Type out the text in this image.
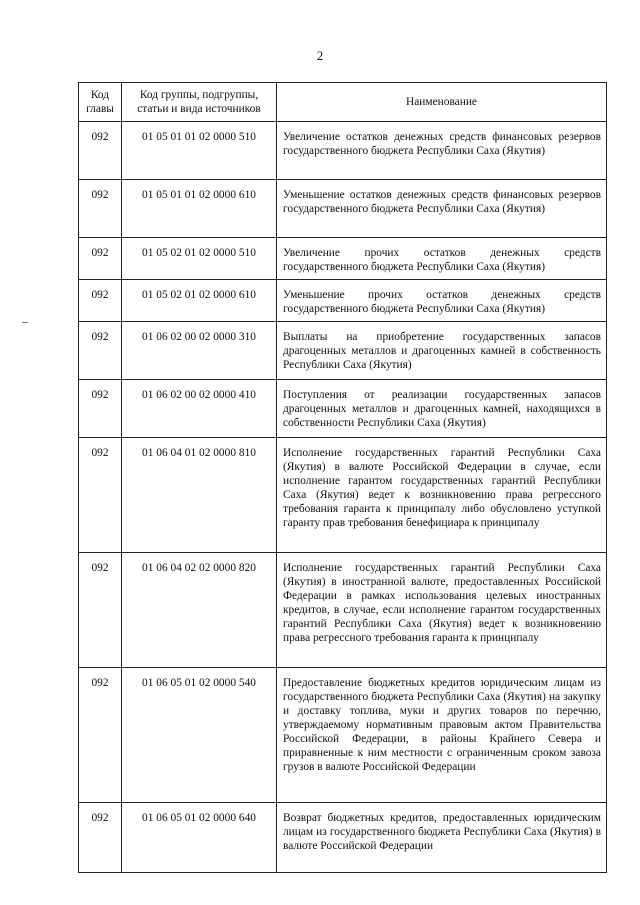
2
Код главы	Код группы, подгруппы, статьи и вида источников	Наименование
092	01 05 01 01 02 0000 510	Увеличение остатков денежных средств финансовых резервов государственного бюджета Республики Саха (Якутия)
092	01 05 01 01 02 0000 610	Уменьшение остатков денежных средств финансовых резервов государственного бюджета Республики Саха (Якутия)
092	01 05 02 01 02 0000 510	Увеличение прочих остатков денежных средств государственного бюджета Республики Саха (Якутия)
092	01 05 02 01 02 0000 610	Уменьшение прочих остатков денежных средств государственного бюджета Республики Саха (Якутия)
092	01 06 02 00 02 0000 310	Выплаты на приобретение государственных запасов драгоценных металлов и драгоценных камней в собственность Республики Саха (Якутия)
092	01 06 02 00 02 0000 410	Поступления от реализации государственных запасов драгоценных металлов и драгоценных камней, находящихся в собственности Республики Саха (Якутия)
092	01 06 04 01 02 0000 810	Исполнение государственных гарантий Республики Саха (Якутия) в валюте Российской Федерации в случае, если исполнение гарантом государственных гарантий Республики Саха (Якутия) ведет к возникновению права регрессного требования гаранта к принципалу либо обусловлено уступкой гаранту прав требования бенефициара к принципалу
092	01 06 04 02 02 0000 820	Исполнение государственных гарантий Республики Саха (Якутия) в иностранной валюте, предоставленных Российской Федерации в рамках использования целевых иностранных кредитов, в случае, если исполнение гарантом государственных гарантий Республики Саха (Якутия) ведет к возникновению права регрессного требования гаранта к принципалу
092	01 06 05 01 02 0000 540	Предоставление бюджетных кредитов юридическим лицам из государственного бюджета Республики Саха (Якутия) на закупку и доставку топлива, муки и других товаров по перечню, утверждаемому нормативным правовым актом Правительства Российской Федерации, в районы Крайнего Севера и приравненные к ним местности с ограниченным сроком завоза грузов в валюте Российской Федерации
092	01 06 05 01 02 0000 640	Возврат бюджетных кредитов, предоставленных юридическим лицам из государственного бюджета Республики Саха (Якутия) в валюте Российской Федерации
